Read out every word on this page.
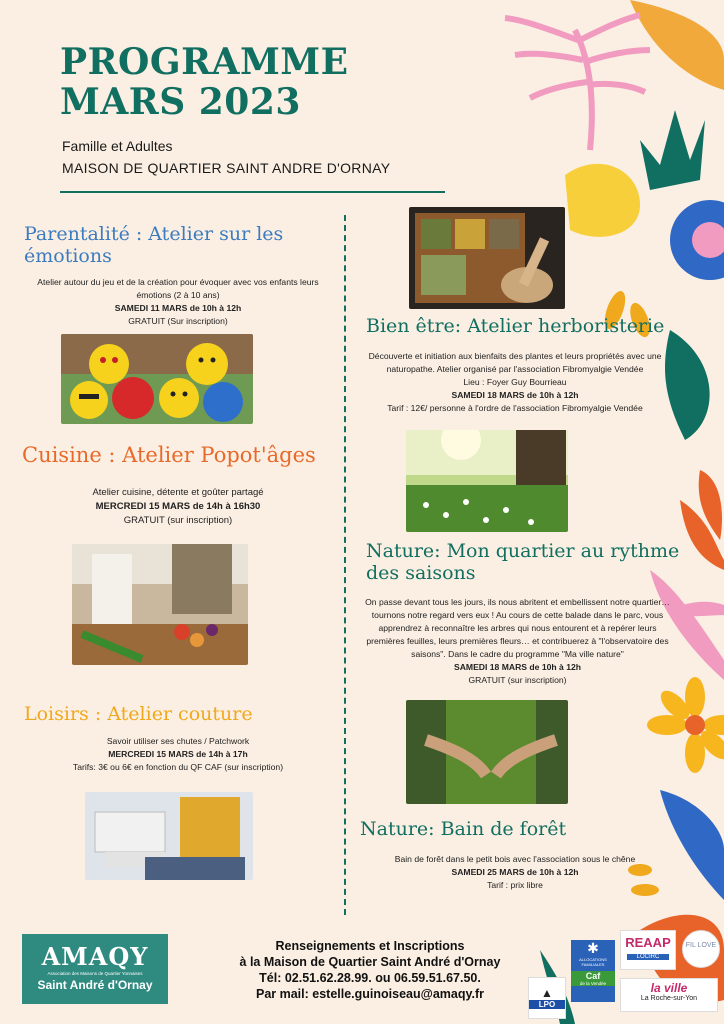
PROGRAMME
MARS 2023
Famille et Adultes
MAISON DE QUARTIER SAINT ANDRE D'ORNAY
Parentalité : Atelier sur les émotions
Atelier autour du jeu et de la création pour évoquer avec vos enfants leurs émotions (2 à 10 ans)
SAMEDI 11 MARS de 10h à 12h
GRATUIT (Sur inscription)
Cuisine : Atelier Popot'âges
Atelier cuisine, détente et goûter partagé
MERCREDI 15 MARS de 14h à 16h30
GRATUIT (sur inscription)
Loisirs : Atelier couture
Savoir utiliser ses chutes / Patchwork
MERCREDI 15 MARS de 14h à 17h
Tarifs: 3€ ou 6€ en fonction du QF CAF (sur inscription)
Bien être: Atelier herboristerie
Découverte et initiation aux bienfaits des plantes et leurs propriétés avec une naturopathe. Atelier organisé par l'association Fibromyalgie Vendée
Lieu : Foyer Guy Bourrieau
SAMEDI 18 MARS de 10h à 12h
Tarif : 12€/ personne à l'ordre de l'association Fibromyalgie Vendée
Nature: Mon quartier au rythme des saisons
On passe devant tous les jours, ils nous abritent et embellissent notre quartier… tournons notre regard vers eux ! Au cours de cette balade dans le parc, vous apprendrez à reconnaître les arbres qui nous entourent et à repérer leurs premières feuilles, leurs premières fleurs… et contribuerez à "l'observatoire des saisons". Dans le cadre du programme "Ma ville nature"
SAMEDI 18 MARS de 10h à 12h
GRATUIT (sur inscription)
Nature: Bain de forêt
Bain de forêt dans le petit bois avec l'association sous le chêne
SAMEDI 25 MARS de 10h à 12h
Tarif : prix libre
AMAQY
Association des Maisons de Quartier Yonnaises
Saint André d'Ornay
Renseignements et Inscriptions
à la Maison de Quartier Saint André d'Ornay
Tél: 02.51.62.28.99. ou 06.59.51.67.50.
Par mail: estelle.guinoiseau@amaqy.fr	▲
LPO
✱
ALLOCATIONS FAMILIALES
Caf
de la Vendée
REAAP
LOCIRC
FIL LOVE
la ville
La Roche-sur-Yon
